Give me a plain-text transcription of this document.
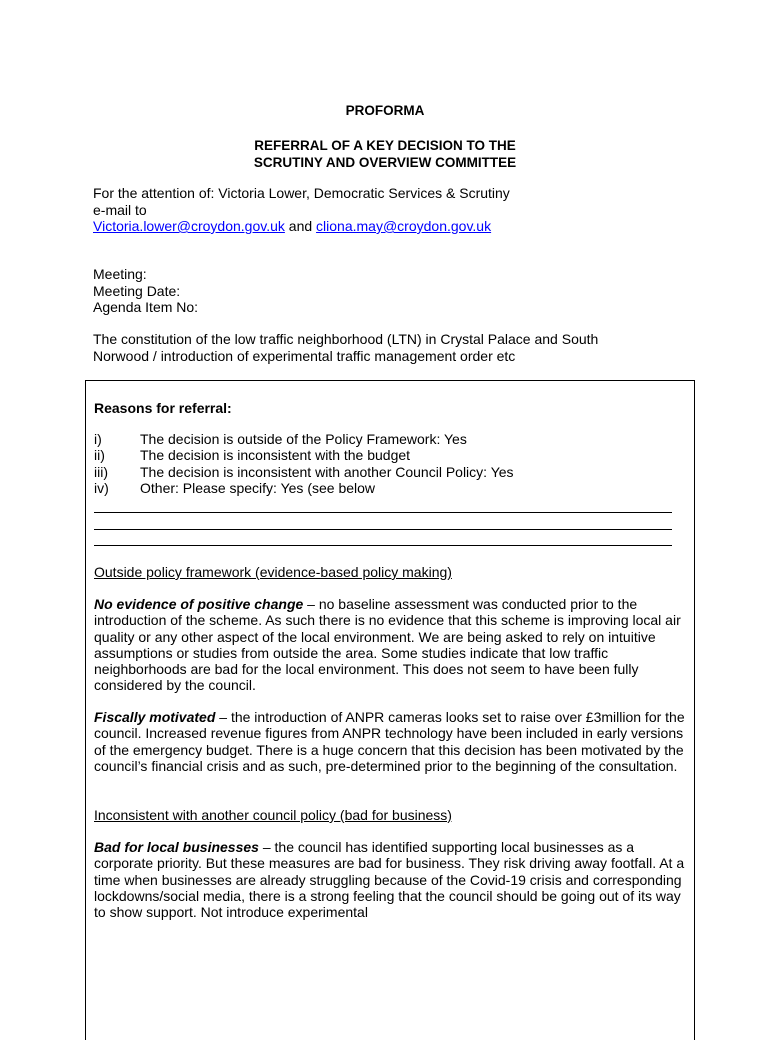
PROFORMA
REFERRAL OF A KEY DECISION TO THE
SCRUTINY AND OVERVIEW COMMITTEE
For the attention of: Victoria Lower, Democratic Services & Scrutiny
e-mail to
Victoria.lower@croydon.gov.uk and cliona.may@croydon.gov.uk
Meeting:
Meeting Date:
Agenda Item No:
The constitution of the low traffic neighborhood (LTN) in Crystal Palace and South
Norwood / introduction of experimental traffic management order etc
Reasons for referral:
i)	The decision is outside of the Policy Framework: Yes
ii)	The decision is inconsistent with the budget
iii)	The decision is inconsistent with another Council Policy: Yes
iv)	Other: Please specify: Yes (see below
Outside policy framework (evidence-based policy making)
No evidence of positive change – no baseline assessment was conducted prior to the introduction of the scheme. As such there is no evidence that this scheme is improving local air quality or any other aspect of the local environment. We are being asked to rely on intuitive assumptions or studies from outside the area. Some studies indicate that low traffic neighborhoods are bad for the local environment. This does not seem to have been fully considered by the council.
Fiscally motivated – the introduction of ANPR cameras looks set to raise over £3million for the council. Increased revenue figures from ANPR technology have been included in early versions of the emergency budget. There is a huge concern that this decision has been motivated by the council’s financial crisis and as such, pre-determined prior to the beginning of the consultation.
Inconsistent with another council policy (bad for business)
Bad for local businesses – the council has identified supporting local businesses as a corporate priority. But these measures are bad for business. They risk driving away footfall. At a time when businesses are already struggling because of the Covid-19 crisis and corresponding lockdowns/social media, there is a strong feeling that the council should be going out of its way to show support. Not introduce experimental
